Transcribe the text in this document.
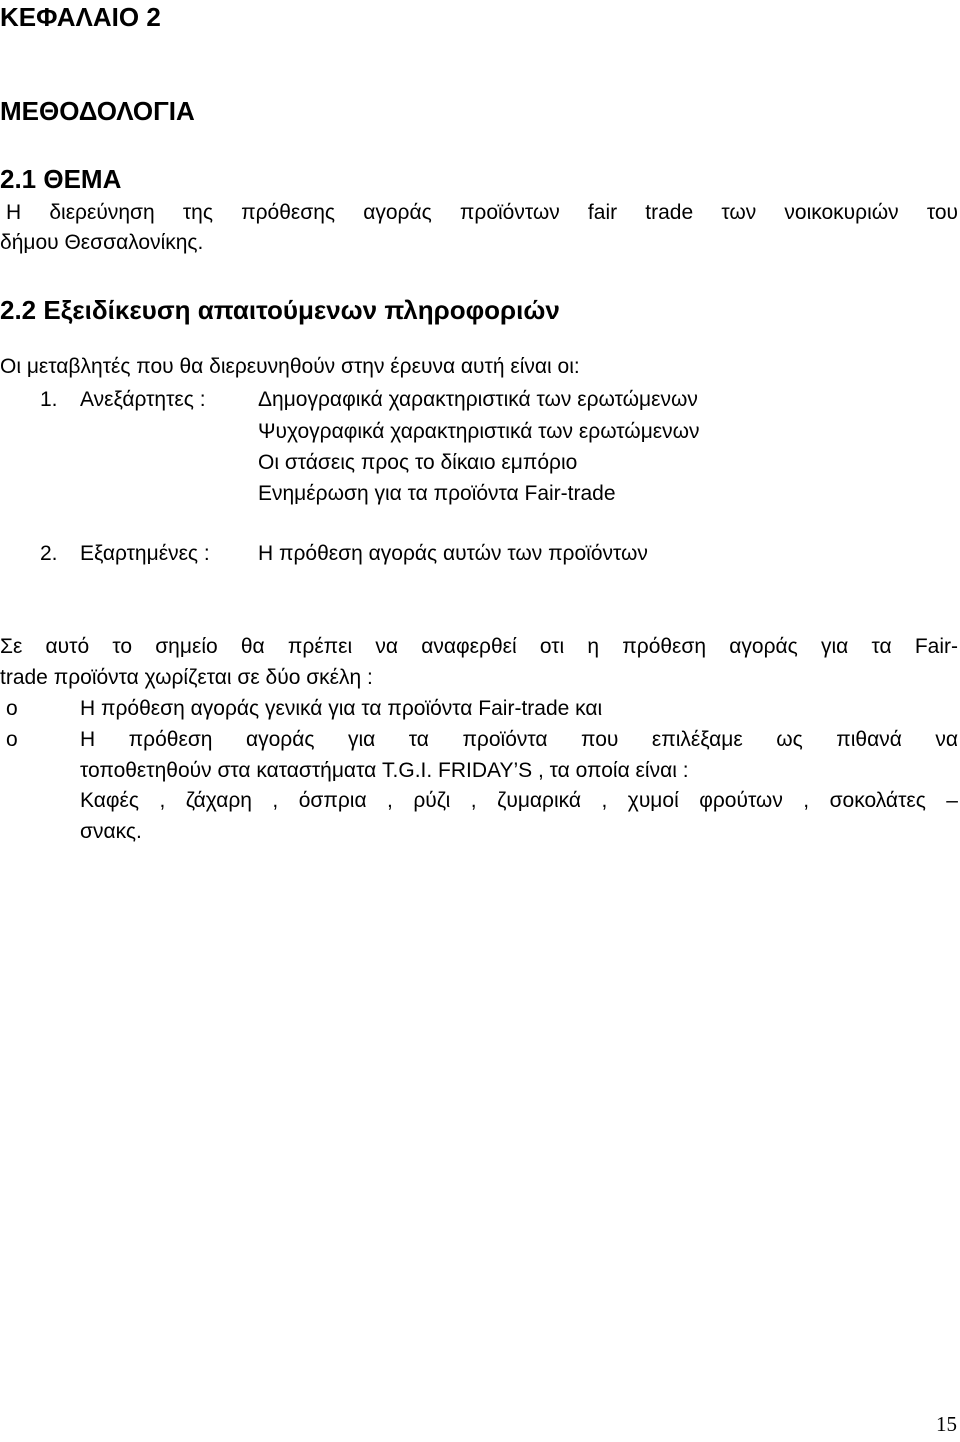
ΚΕΦΑΛΑΙΟ 2
ΜΕΘΟΔΟΛΟΓΙΑ
2.1 ΘΕΜΑ
Η διερεύνηση της πρόθεσης αγοράς προϊόντων fair trade των νοικοκυριών του
δήμου Θεσσαλονίκης.
2.2 Εξειδίκευση απαιτούμενων πληροφοριών
Οι μεταβλητές που θα διερευνηθούν στην έρευνα αυτή είναι οι:
1. Ανεξάρτητες : Δημογραφικά χαρακτηριστικά των ερωτώμενων
Ψυχογραφικά χαρακτηριστικά των ερωτώμενων
Οι στάσεις προς το δίκαιο εμπόριο
Ενημέρωση για τα προϊόντα Fair-trade
2. Εξαρτημένες : Η πρόθεση αγοράς αυτών των προϊόντων
Σε αυτό το σημείο θα πρέπει να αναφερθεί οτι η πρόθεση αγοράς για τα Fair-
trade προϊόντα χωρίζεται σε δύο σκέλη :
o	Η πρόθεση αγοράς γενικά για τα προϊόντα Fair-trade και
o	Η πρόθεση αγοράς για τα προϊόντα που επιλέξαμε ως πιθανά να
τοποθετηθούν στα καταστήματα T.G.I. FRIDAY’S , τα οποία είναι :
Καφές , ζάχαρη , όσπρια , ρύζι , ζυμαρικά , χυμοί φρούτων , σοκολάτες –
σνακς.
15
